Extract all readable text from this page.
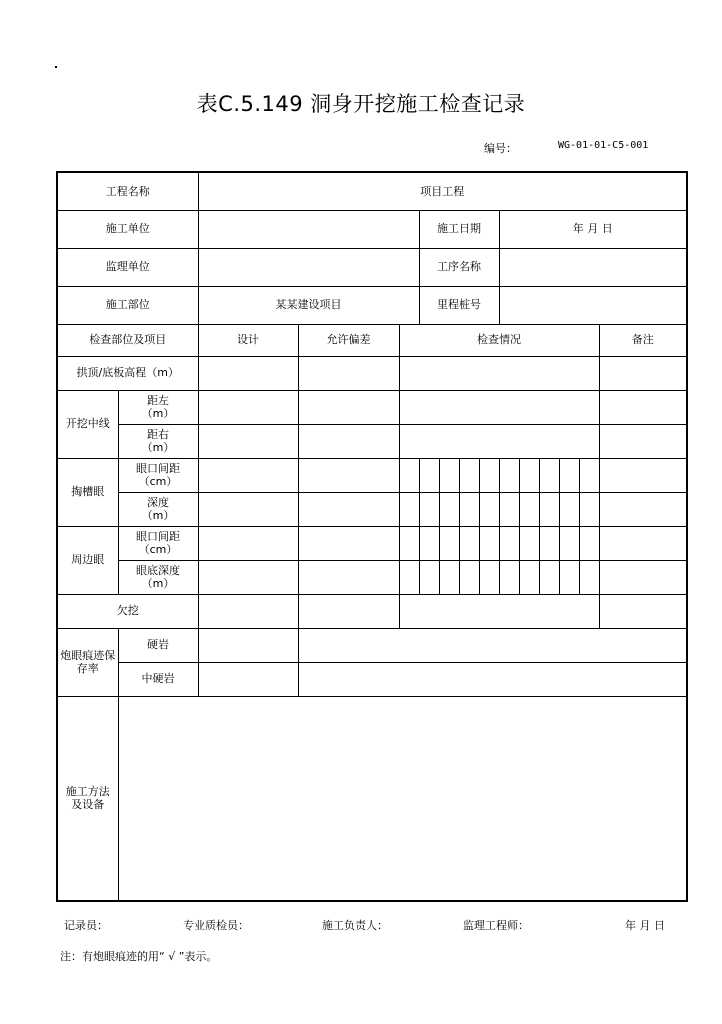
表C.5.149 洞身开挖施工检查记录
编号：	WG-01-01-C5-001
工程名称		项目工程												
施工单位					施工日期				年 月 日					
监理单位					工序名称									
施工部位		某某建设项目			里程桩号									
检查部位及项目		设计	允许偏差	检查情况										备注
拱顶/底板高程（m）														
开挖中线	距左
（m）													
	距右
（m）													
掏槽眼	眼口间距
（cm）													
	深度
（m）													
周边眼	眼口间距
（cm）													
	眼底深度
（m）													
欠挖														
炮眼痕迹保存率	硬岩													
	中硬岩													
施工方法及设备														
记录员：	专业质检员：	施工负责人：	监理工程师：	年 月 日
注：有炮眼痕迹的用“ √ ”表示。
